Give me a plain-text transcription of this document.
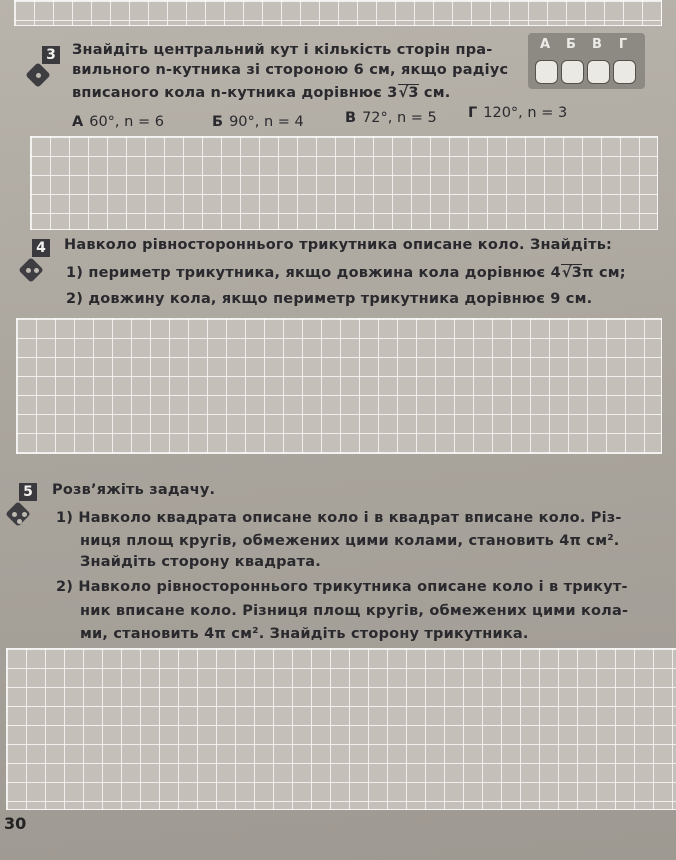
3 Знайдіть центральний кут і кількість сторін пра-
вильного n-кутника зі стороною 6 см, якщо радіус
вписаного кола n-кутника дорівнює 3√3 см.
А 60°, n = 6	Б 90°, n = 4	В 72°, n = 5 Г 120°, n = 3
А	Б	В	Г
4 Навколо рівностороннього трикутника описане коло. Знайдіть:
1) периметр трикутника, якщо довжина кола дорівнює 4√3π см;
2) довжину кола, якщо периметр трикутника дорівнює 9 см.
5 Розв’яжіть задачу.
1) Навколо квадрата описане коло і в квадрат вписане коло. Різ-
ниця площ кругів, обмежених цими колами, становить 4π см².
Знайдіть сторону квадрата.
2) Навколо рівностороннього трикутника описане коло і в трикут-
ник вписане коло. Різниця площ кругів, обмежених цими кола-
ми, становить 4π см². Знайдіть сторону трикутника.
30
